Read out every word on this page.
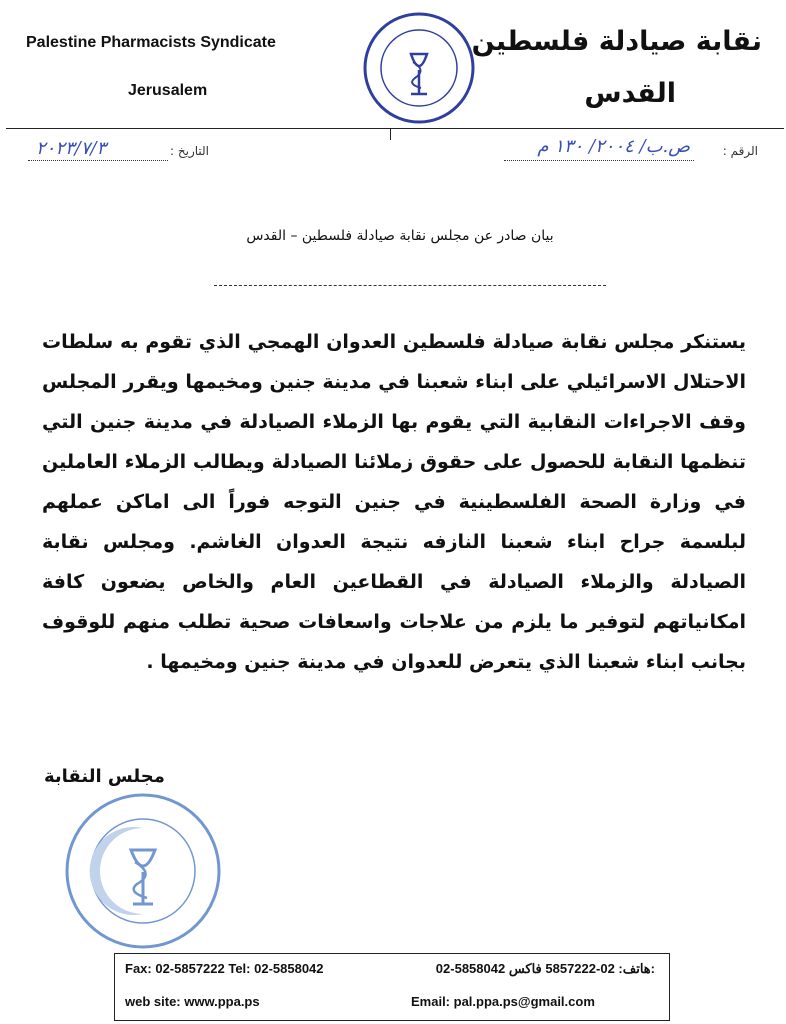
Palestine Pharmacists Syndicate
Jerusalem
نقابة صيادلة فلسطين
القدس
الرقم :
ص.ب/ ٢٠٠٤/ ١٣٠ م
التاريخ :
٢٠٢٣/٧/٣
بيان صادر عن مجلس نقابة صيادلة فلسطين – القدس
يستنكر مجلس نقابة صيادلة فلسطين العدوان الهمجي الذي تقوم به سلطات الاحتلال الاسرائيلي على ابناء شعبنا في مدينة جنين ومخيمها ويقرر المجلس وقف الاجراءات النقابية التي يقوم بها الزملاء الصيادلة في مدينة جنين التي تنظمها النقابة للحصول على حقوق زملائنا الصيادلة ويطالب الزملاء العاملين في وزارة الصحة الفلسطينية في جنين التوجه فوراً الى اماكن عملهم لبلسمة جراح ابناء شعبنا النازفه نتيجة العدوان الغاشم. ومجلس نقابة الصيادلة والزملاء الصيادلة في القطاعين العام والخاص يضعون كافة امكانياتهم لتوفير ما يلزم من علاجات واسعافات صحية تطلب منهم للوقوف بجانب ابناء شعبنا الذي يتعرض للعدوان في مدينة جنين ومخيمها .
مجلس النقابة
Fax: 02-5857222 Tel: 02-5858042	02-5858042 هاتف: 02-5857222 فاكس:
web site: www.ppa.ps	Email: pal.ppa.ps@gmail.com
